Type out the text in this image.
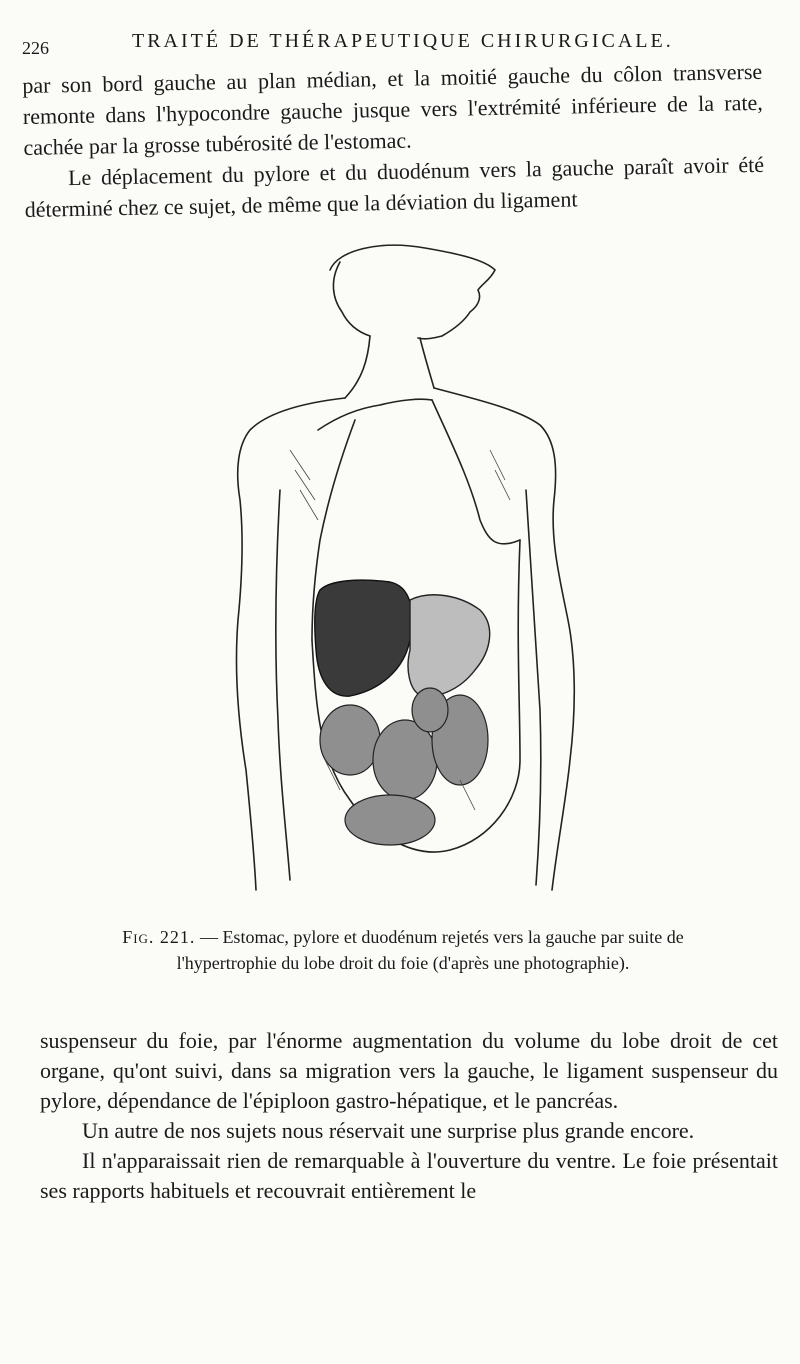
226	TRAITÉ DE THÉRAPEUTIQUE CHIRURGICALE.

par son bord gauche au plan médian, et la moitié gauche du côlon transverse remonte dans l'hypocondre gauche jusque vers l'extrémité inférieure de la rate, cachée par la grosse tubérosité de l'estomac.

Le déplacement du pylore et du duodénum vers la gauche paraît avoir été déterminé chez ce sujet, de même que la déviation du ligament

Fig. 221. — Estomac, pylore et duodénum rejetés vers la gauche par suite de l'hypertrophie du lobe droit du foie (d'après une photographie).

suspenseur du foie, par l'énorme augmentation du volume du lobe droit de cet organe, qu'ont suivi, dans sa migration vers la gauche, le ligament suspenseur du pylore, dépendance de l'épiploon gastro-hépatique, et le pancréas.

Un autre de nos sujets nous réservait une surprise plus grande encore.

Il n'apparaissait rien de remarquable à l'ouverture du ventre. Le foie présentait ses rapports habituels et recouvrait entièrement le
